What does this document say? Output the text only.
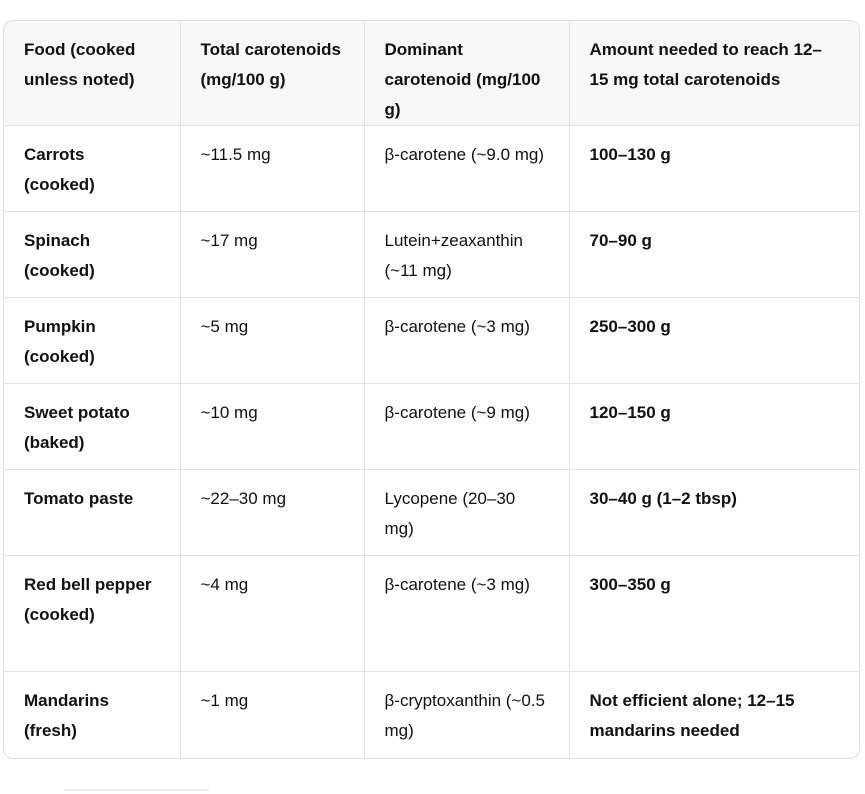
Food (cooked unless noted)	Total carotenoids (mg/100 g)	Dominant carotenoid (mg/100 g)	Amount needed to reach 12–15 mg total carotenoids
Carrots (cooked)	~11.5 mg	β-carotene (~9.0 mg)	100–130 g
Spinach (cooked)	~17 mg	Lutein+zeaxanthin (~11 mg)	70–90 g
Pumpkin (cooked)	~5 mg	β-carotene (~3 mg)	250–300 g
Sweet potato (baked)	~10 mg	β-carotene (~9 mg)	120–150 g
Tomato paste	~22–30 mg	Lycopene (20–30 mg)	30–40 g (1–2 tbsp)
Red bell pepper (cooked)	~4 mg	β-carotene (~3 mg)	300–350 g
Mandarins (fresh)	~1 mg	β-cryptoxanthin (~0.5 mg)	Not efficient alone; 12–15 mandarins needed
